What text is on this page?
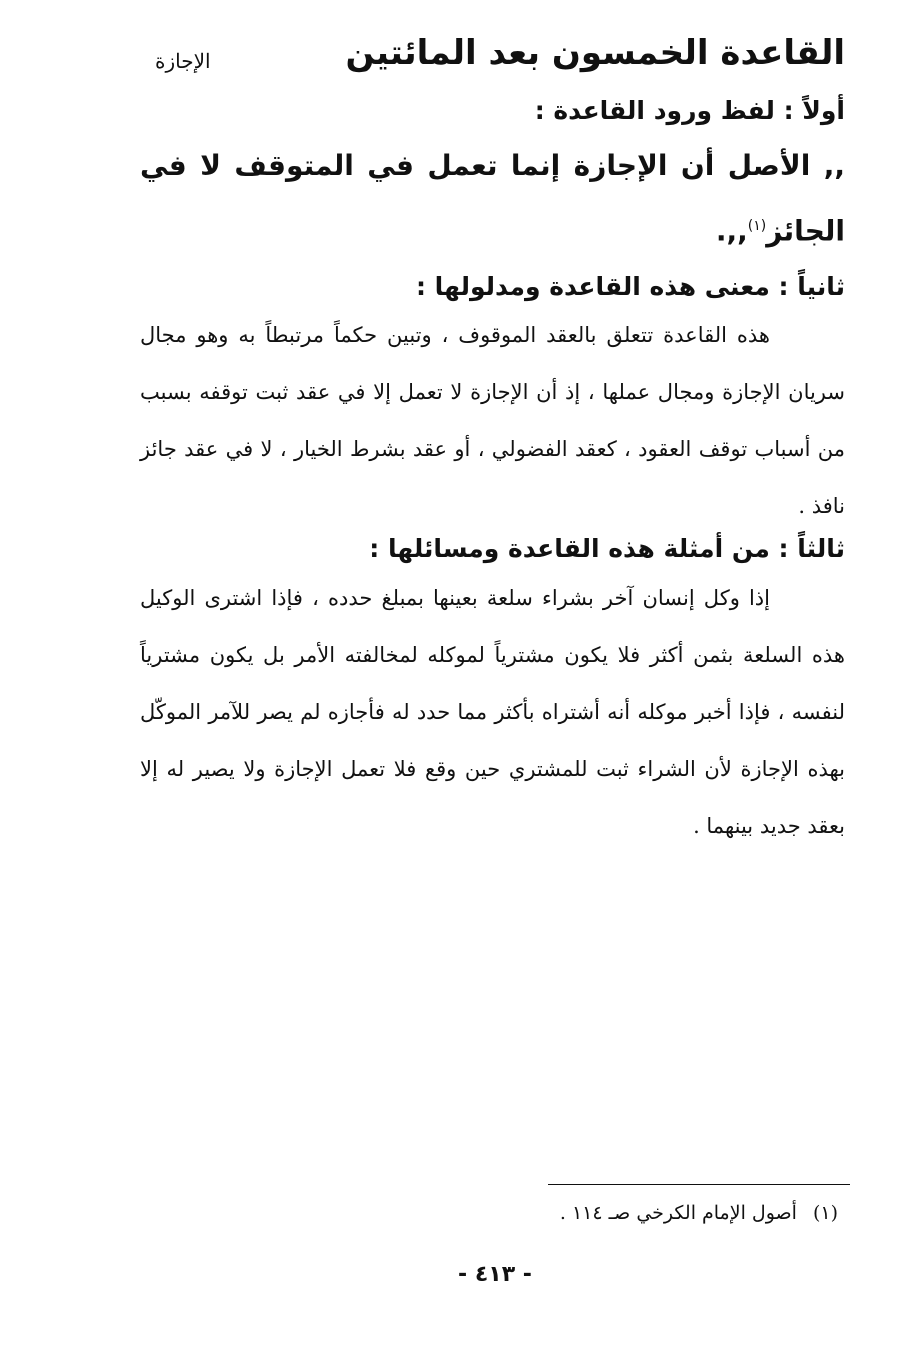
القاعدة الخمسون بعد المائتين
الإجازة
أولاً : لفظ ورود القاعدة :
,, الأصل أن الإجازة إنما تعمل في المتوقف لا في الجائز$^{(١)}$,,.
ثانياً : معنى هذه القاعدة ومدلولها :
هذه القاعدة تتعلق بالعقد الموقوف ، وتبين حكماً مرتبطاً به وهو مجال سريان الإجازة ومجال عملها ، إذ أن الإجازة لا تعمل إلا في عقد ثبت توقفه بسبب من أسباب توقف العقود ، كعقد الفضولي ، أو عقد بشرط الخيار ، لا في عقد جائز نافذ .
ثالثاً : من أمثلة هذه القاعدة ومسائلها :
إذا وكل إنسان آخر بشراء سلعة بعينها بمبلغ حدده ، فإذا اشترى الوكيل هذه السلعة بثمن أكثر فلا يكون مشترياً لموكله لمخالفته الأمر بل يكون مشترياً لنفسه ، فإذا أخبر موكله أنه أشتراه بأكثر مما حدد له فأجازه لم يصر للآمر الموكّل بهذه الإجازة لأن الشراء ثبت للمشتري حين وقع فلا تعمل الإجازة ولا يصير له إلا بعقد جديد بينهما .
(١)أصول الإمام الكرخي صـ ١١٤ .
- ٤١٣ -
